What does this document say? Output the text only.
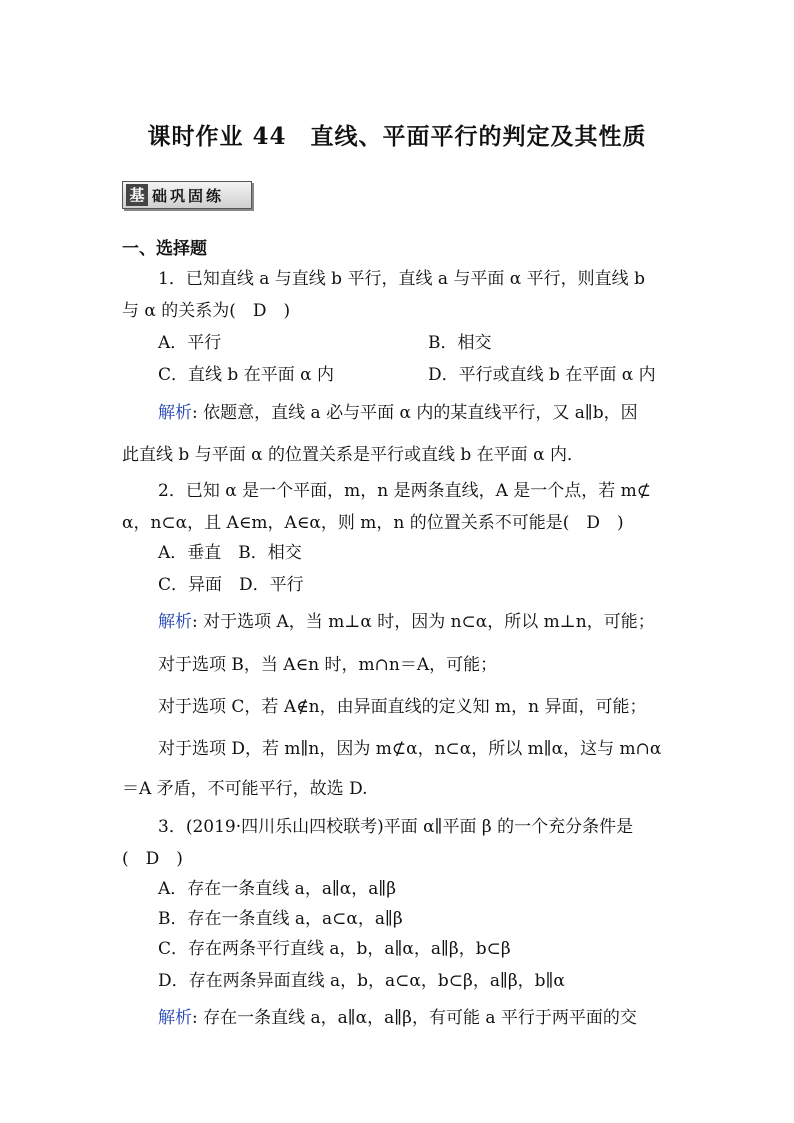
课时作业 44　直线、平面平行的判定及其性质
基 础巩固练
一、选择题
1．已知直线 a 与直线 b 平行，直线 a 与平面 α 平行，则直线 b
与 α 的关系为(　D　)
A．平行	B．相交
C．直线 b 在平面 α 内	D．平行或直线 b 在平面 α 内
解析: 依题意，直线 a 必与平面 α 内的某直线平行，又 a∥b，因
此直线 b 与平面 α 的位置关系是平行或直线 b 在平面 α 内．
2．已知 α 是一个平面，m，n 是两条直线，A 是一个点，若 m⊄
α，n⊂α，且 A∈m，A∈α，则 m，n 的位置关系不可能是(　D　)
A．垂直　B．相交
C．异面　D．平行
解析: 对于选项 A，当 m⊥α 时，因为 n⊂α，所以 m⊥n，可能；
对于选项 B，当 A∈n 时，m∩n＝A，可能；
对于选项 C，若 A∉n，由异面直线的定义知 m，n 异面，可能；
对于选项 D，若 m∥n，因为 m⊄α，n⊂α，所以 m∥α，这与 m∩α
＝A 矛盾，不可能平行，故选 D.
3．(2019·四川乐山四校联考)平面 α∥平面 β 的一个充分条件是
(　D　)
A．存在一条直线 a，a∥α，a∥β
B．存在一条直线 a，a⊂α，a∥β
C．存在两条平行直线 a，b，a∥α，a∥β，b⊂β
D．存在两条异面直线 a，b，a⊂α，b⊂β，a∥β，b∥α
解析: 存在一条直线 a，a∥α，a∥β，有可能 a 平行于两平面的交
